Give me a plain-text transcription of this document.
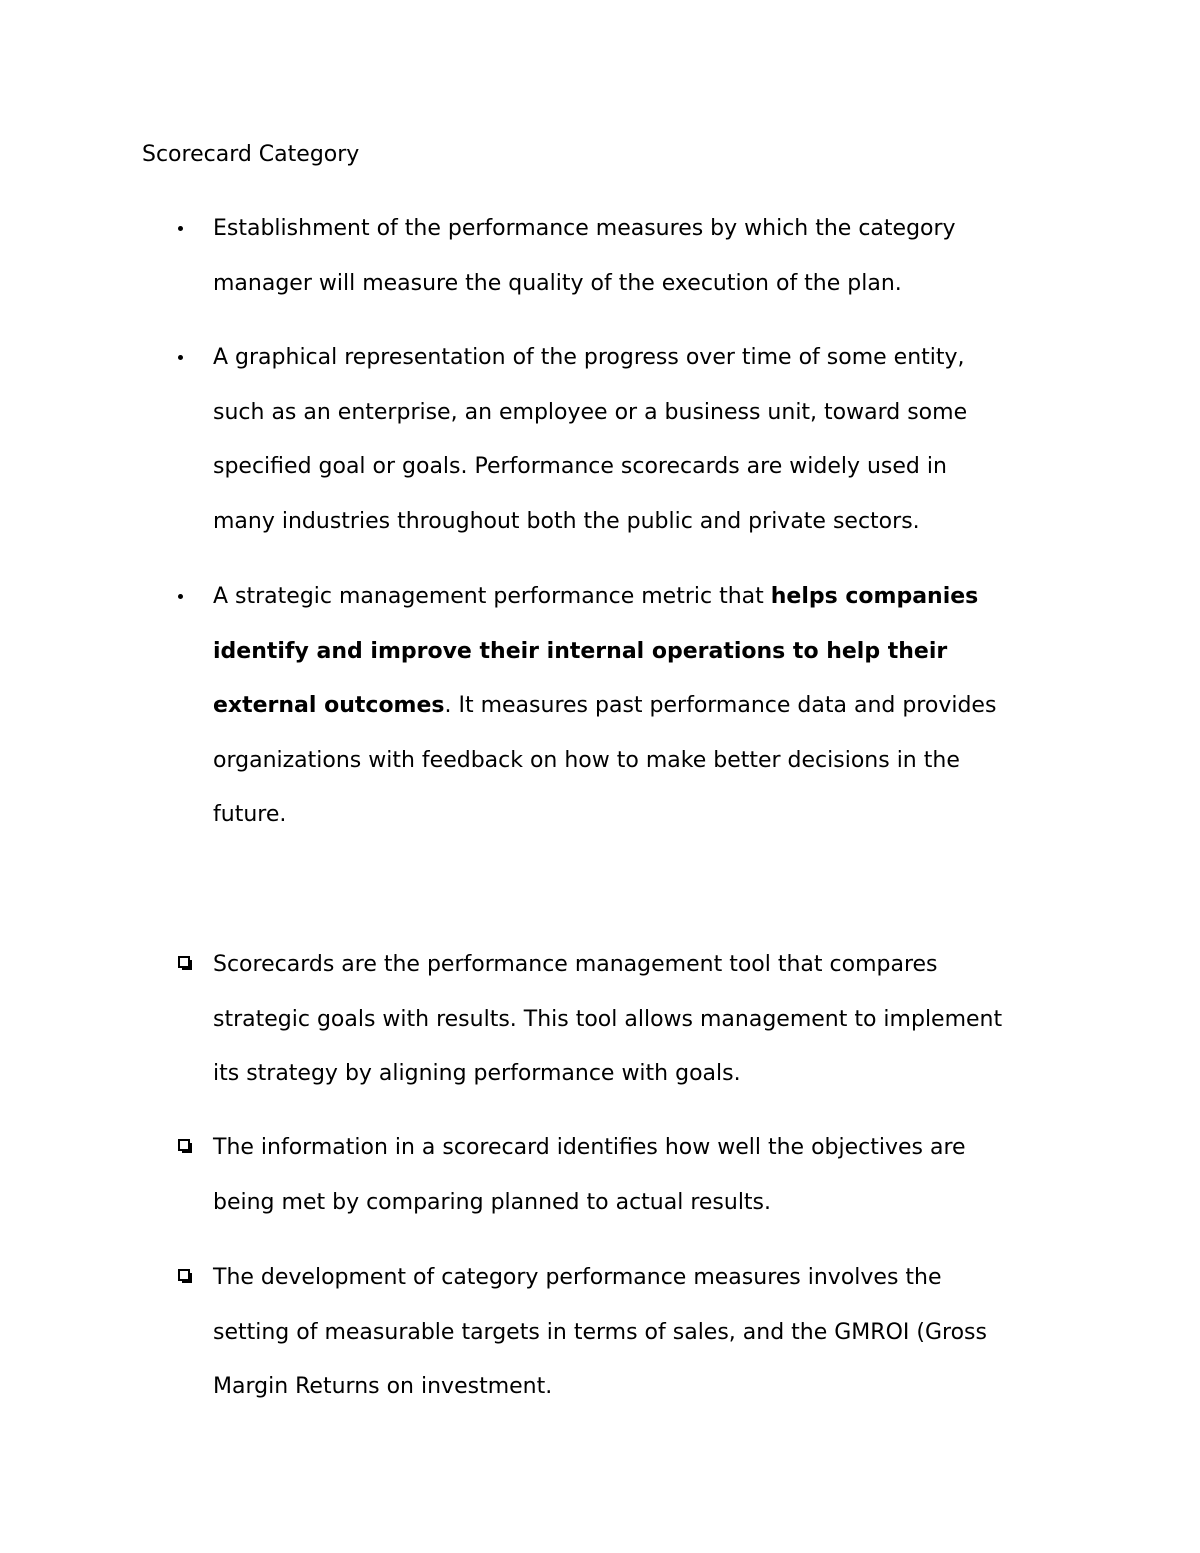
Scorecard Category
Establishment of the performance measures by which the category
manager will measure the quality of the execution of the plan.
A graphical representation of the progress over time of some entity,
such as an enterprise, an employee or a business unit, toward some
specified goal or goals. Performance scorecards are widely used in
many industries throughout both the public and private sectors.
A strategic management performance metric that helps companies
identify and improve their internal operations to help their
external outcomes. It measures past performance data and provides
organizations with feedback on how to make better decisions in the
future.
Scorecards are the performance management tool that compares
strategic goals with results. This tool allows management to implement
its strategy by aligning performance with goals.
The information in a scorecard identifies how well the objectives are
being met by comparing planned to actual results.
The development of category performance measures involves the
setting of measurable targets in terms of sales, and the GMROI (Gross
Margin Returns on investment.
